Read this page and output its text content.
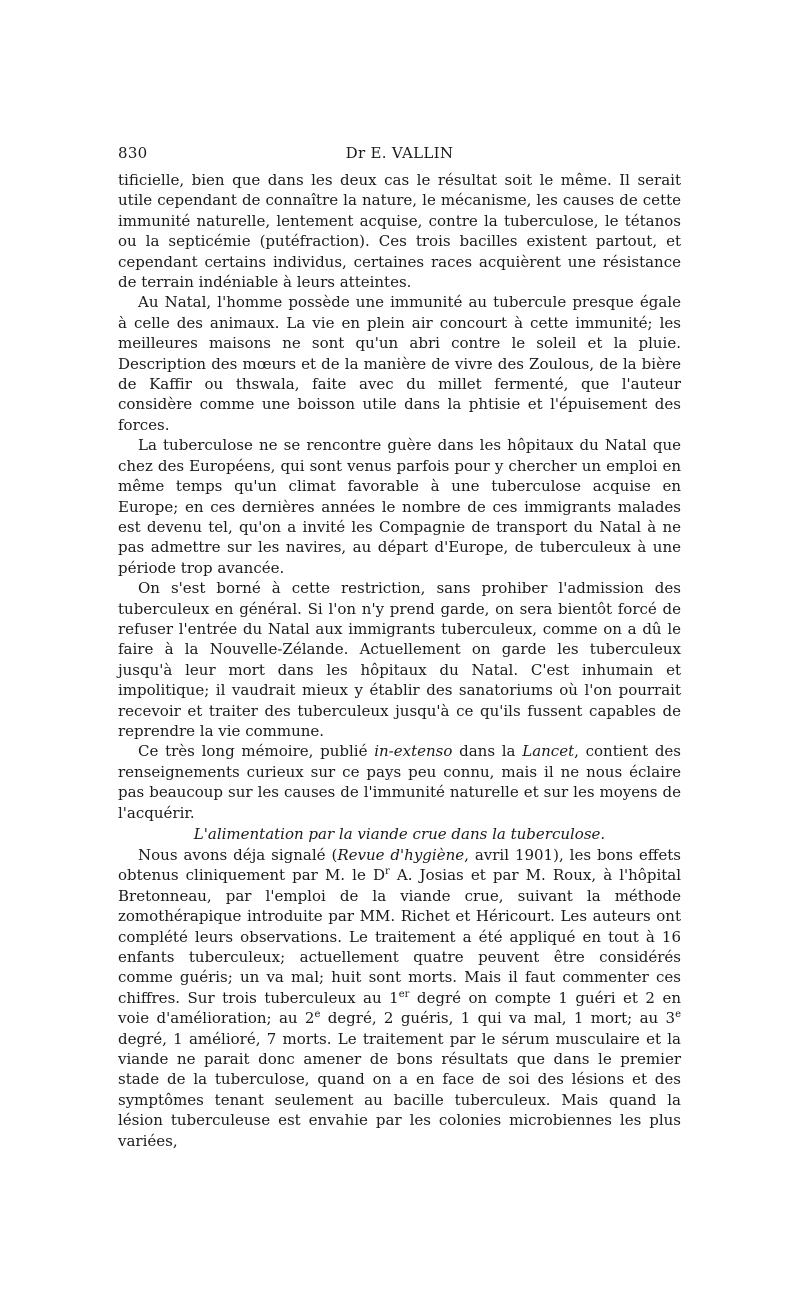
830	Dr E. VALLIN

tificielle, bien que dans les deux cas le résultat soit le même. Il serait utile cependant de connaître la nature, le mécanisme, les causes de cette immunité naturelle, lentement acquise, contre la tuberculose, le tétanos ou la septicémie (putéfraction). Ces trois bacilles existent partout, et cependant certains individus, certaines races acquièrent une résistance de terrain indéniable à leurs atteintes.

Au Natal, l'homme possède une immunité au tubercule presque égale à celle des animaux. La vie en plein air concourt à cette immunité; les meilleures maisons ne sont qu'un abri contre le soleil et la pluie. Description des mœurs et de la manière de vivre des Zoulous, de la bière de Kaffir ou thswala, faite avec du millet fermenté, que l'auteur considère comme une boisson utile dans la phtisie et l'épuisement des forces.

La tuberculose ne se rencontre guère dans les hôpitaux du Natal que chez des Européens, qui sont venus parfois pour y chercher un emploi en même temps qu'un climat favorable à une tuberculose acquise en Europe; en ces dernières années le nombre de ces immigrants malades est devenu tel, qu'on a invité les Compagnie de transport du Natal à ne pas admettre sur les navires, au départ d'Europe, de tuberculeux à une période trop avancée.

On s'est borné à cette restriction, sans prohiber l'admission des tuberculeux en général. Si l'on n'y prend garde, on sera bientôt forcé de refuser l'entrée du Natal aux immigrants tuberculeux, comme on a dû le faire à la Nouvelle-Zélande. Actuellement on garde les tuberculeux jusqu'à leur mort dans les hôpitaux du Natal. C'est inhumain et impolitique; il vaudrait mieux y établir des sanatoriums où l'on pourrait recevoir et traiter des tuberculeux jusqu'à ce qu'ils fussent capables de reprendre la vie commune.

Ce très long mémoire, publié in-extenso dans la Lancet, contient des renseignements curieux sur ce pays peu connu, mais il ne nous éclaire pas beaucoup sur les causes de l'immunité naturelle et sur les moyens de l'acquérir.

L'alimentation par la viande crue dans la tuberculose.

Nous avons déja signalé (Revue d'hygiène, avril 1901), les bons effets obtenus cliniquement par M. le $D^r$ A. Josias et par M. Roux, à l'hôpital Bretonneau, par l'emploi de la viande crue, suivant la méthode zomothérapique introduite par MM. Richet et Héricourt. Les auteurs ont complété leurs observations. Le traitement a été appliqué en tout à 16 enfants tuberculeux; actuellement quatre peuvent être considérés comme guéris; un va mal; huit sont morts. Mais il faut commenter ces chiffres. Sur trois tuberculeux au 1er degré on compte 1 guéri et 2 en voie d'amélioration; au 2e degré, 2 guéris, 1 qui va mal, 1 mort; au 3e degré, 1 amélioré, 7 morts. Le traitement par le sérum musculaire et la viande ne parait donc amener de bons résultats que dans le premier stade de la tuberculose, quand on a en face de soi des lésions et des symptômes tenant seulement au bacille tuberculeux. Mais quand la lésion tuberculeuse est envahie par les colonies microbiennes les plus variées,
